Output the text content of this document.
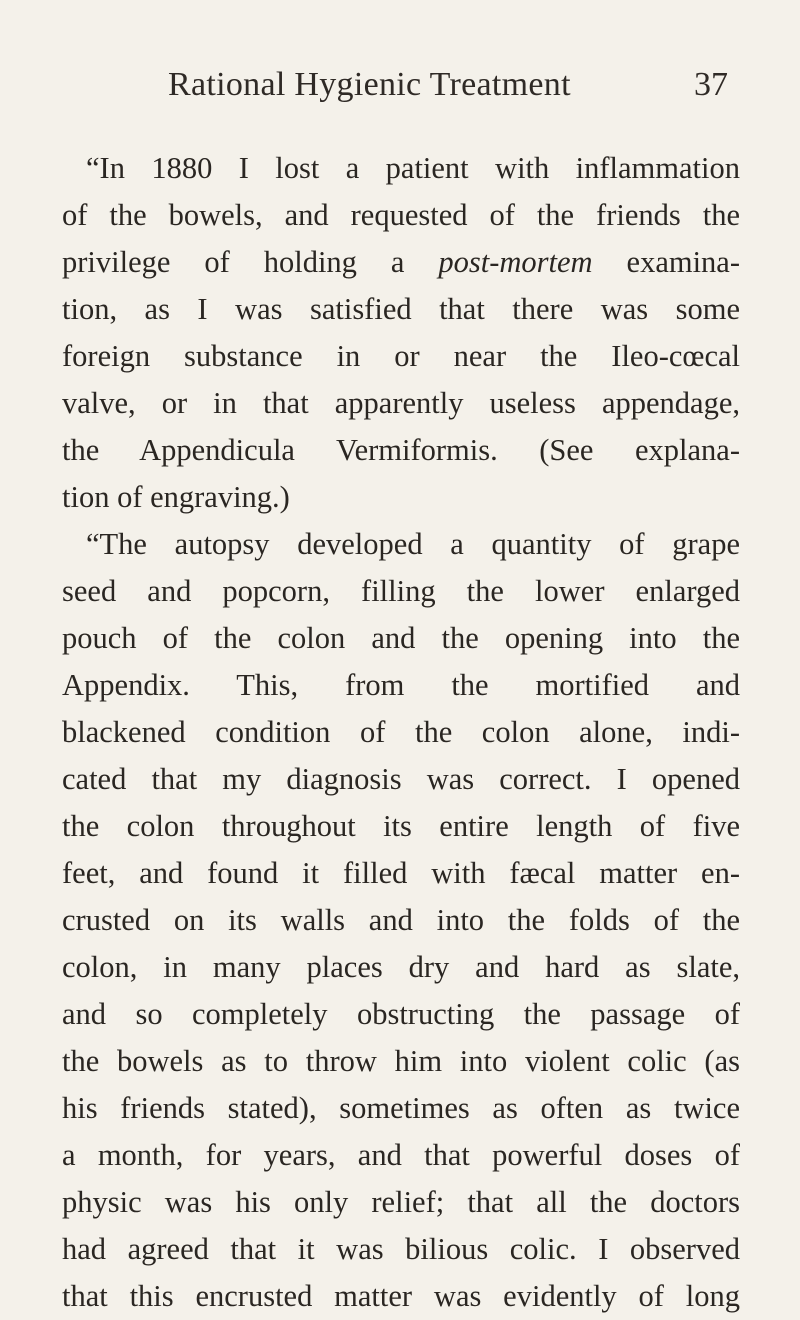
Rational Hygienic Treatment	37
“In 1880 I lost a patient with inflammation
of the bowels, and requested of the friends the
privilege of holding a post-mortem examina-
tion, as I was satisfied that there was some
foreign substance in or near the Ileo-cœcal
valve, or in that apparently useless appendage,
the Appendicula Vermiformis. (See explana-
tion of engraving.)
“The autopsy developed a quantity of grape
seed and popcorn, filling the lower enlarged
pouch of the colon and the opening into the
Appendix. This, from the mortified and
blackened condition of the colon alone, indi-
cated that my diagnosis was correct. I opened
the colon throughout its entire length of five
feet, and found it filled with fæcal matter en-
crusted on its walls and into the folds of the
colon, in many places dry and hard as slate,
and so completely obstructing the passage of
the bowels as to throw him into violent colic (as
his friends stated), sometimes as often as twice
a month, for years, and that powerful doses of
physic was his only relief; that all the doctors
had agreed that it was bilious colic. I observed
that this encrusted matter was evidently of long
